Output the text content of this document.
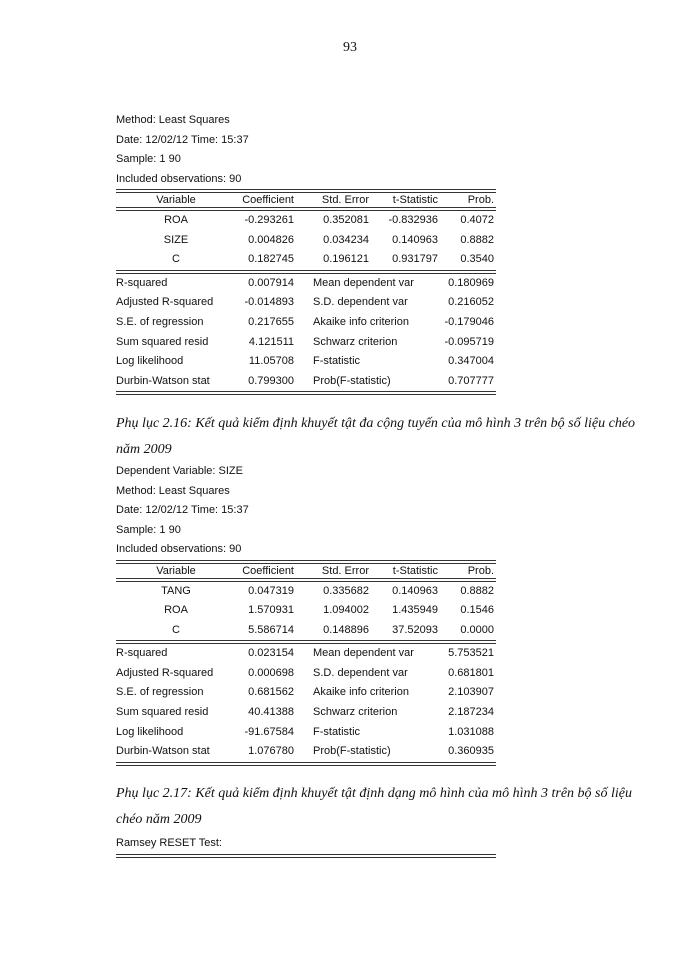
93
Method: Least Squares
Date: 12/02/12 Time: 15:37
Sample: 1 90
Included observations: 90
Variable	Coefficient	Std. Error	t-Statistic	Prob.
ROA	-0.293261	0.352081	-0.832936	0.4072
SIZE	0.004826	0.034234	0.140963	0.8882
C	0.182745	0.196121	0.931797	0.3540
R-squared	0.007914 Mean dependent var	0.180969
Adjusted R-squared	-0.014893 S.D. dependent var	0.216052
S.E. of regression	0.217655 Akaike info criterion	-0.179046
Sum squared resid	4.121511 Schwarz criterion	-0.095719
Log likelihood	11.05708 F-statistic	0.347004
Durbin-Watson stat	0.799300 Prob(F-statistic)	0.707777
Phụ lục 2.16: Kết quả kiểm định khuyết tật đa cộng tuyến của mô hình 3 trên bộ số liệu chéo năm 2009
Dependent Variable: SIZE
Method: Least Squares
Date: 12/02/12 Time: 15:37
Sample: 1 90
Included observations: 90
Variable	Coefficient	Std. Error	t-Statistic	Prob.
TANG	0.047319	0.335682	0.140963	0.8882
ROA	1.570931	1.094002	1.435949	0.1546
C	5.586714	0.148896	37.52093	0.0000
R-squared	0.023154 Mean dependent var	5.753521
Adjusted R-squared	0.000698 S.D. dependent var	0.681801
S.E. of regression	0.681562 Akaike info criterion	2.103907
Sum squared resid	40.41388 Schwarz criterion	2.187234
Log likelihood	-91.67584 F-statistic	1.031088
Durbin-Watson stat	1.076780 Prob(F-statistic)	0.360935
Phụ lục 2.17: Kết quả kiểm định khuyết tật định dạng mô hình của mô hình 3 trên bộ số liệu chéo năm 2009
Ramsey RESET Test:
